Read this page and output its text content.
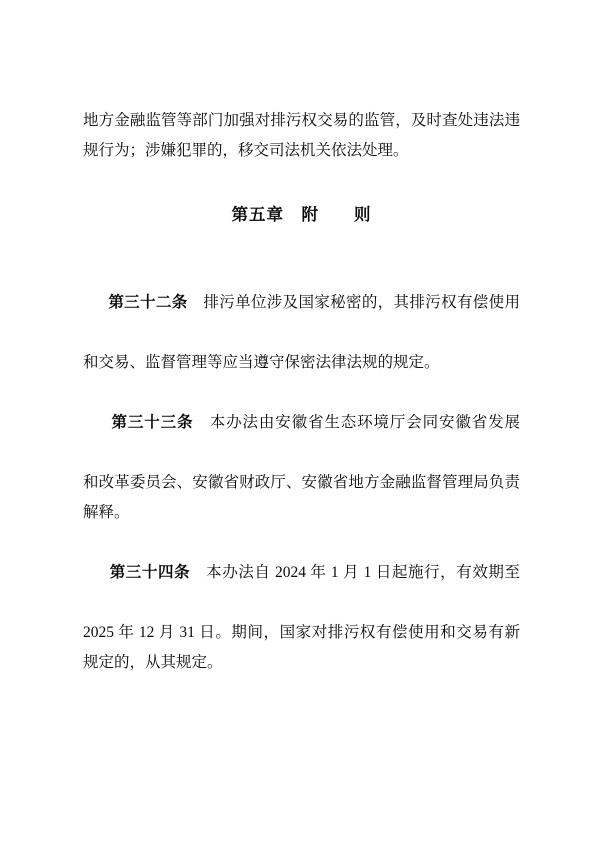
地方金融监管等部门加强对排污权交易的监管，及时查处违法违
规行为；涉嫌犯罪的，移交司法机关依法处理。
第五章　附　　则

第三十二条　排污单位涉及国家秘密的，其排污权有偿使用

和交易、监督管理等应当遵守保密法律法规的规定。

第三十三条　本办法由安徽省生态环境厅会同安徽省发展

和改革委员会、安徽省财政厅、安徽省地方金融监督管理局负责
解释。

第三十四条　本办法自 2024 年 1 月 1 日起施行，有效期至

2025 年 12 月 31 日。期间，国家对排污权有偿使用和交易有新
规定的，从其规定。
